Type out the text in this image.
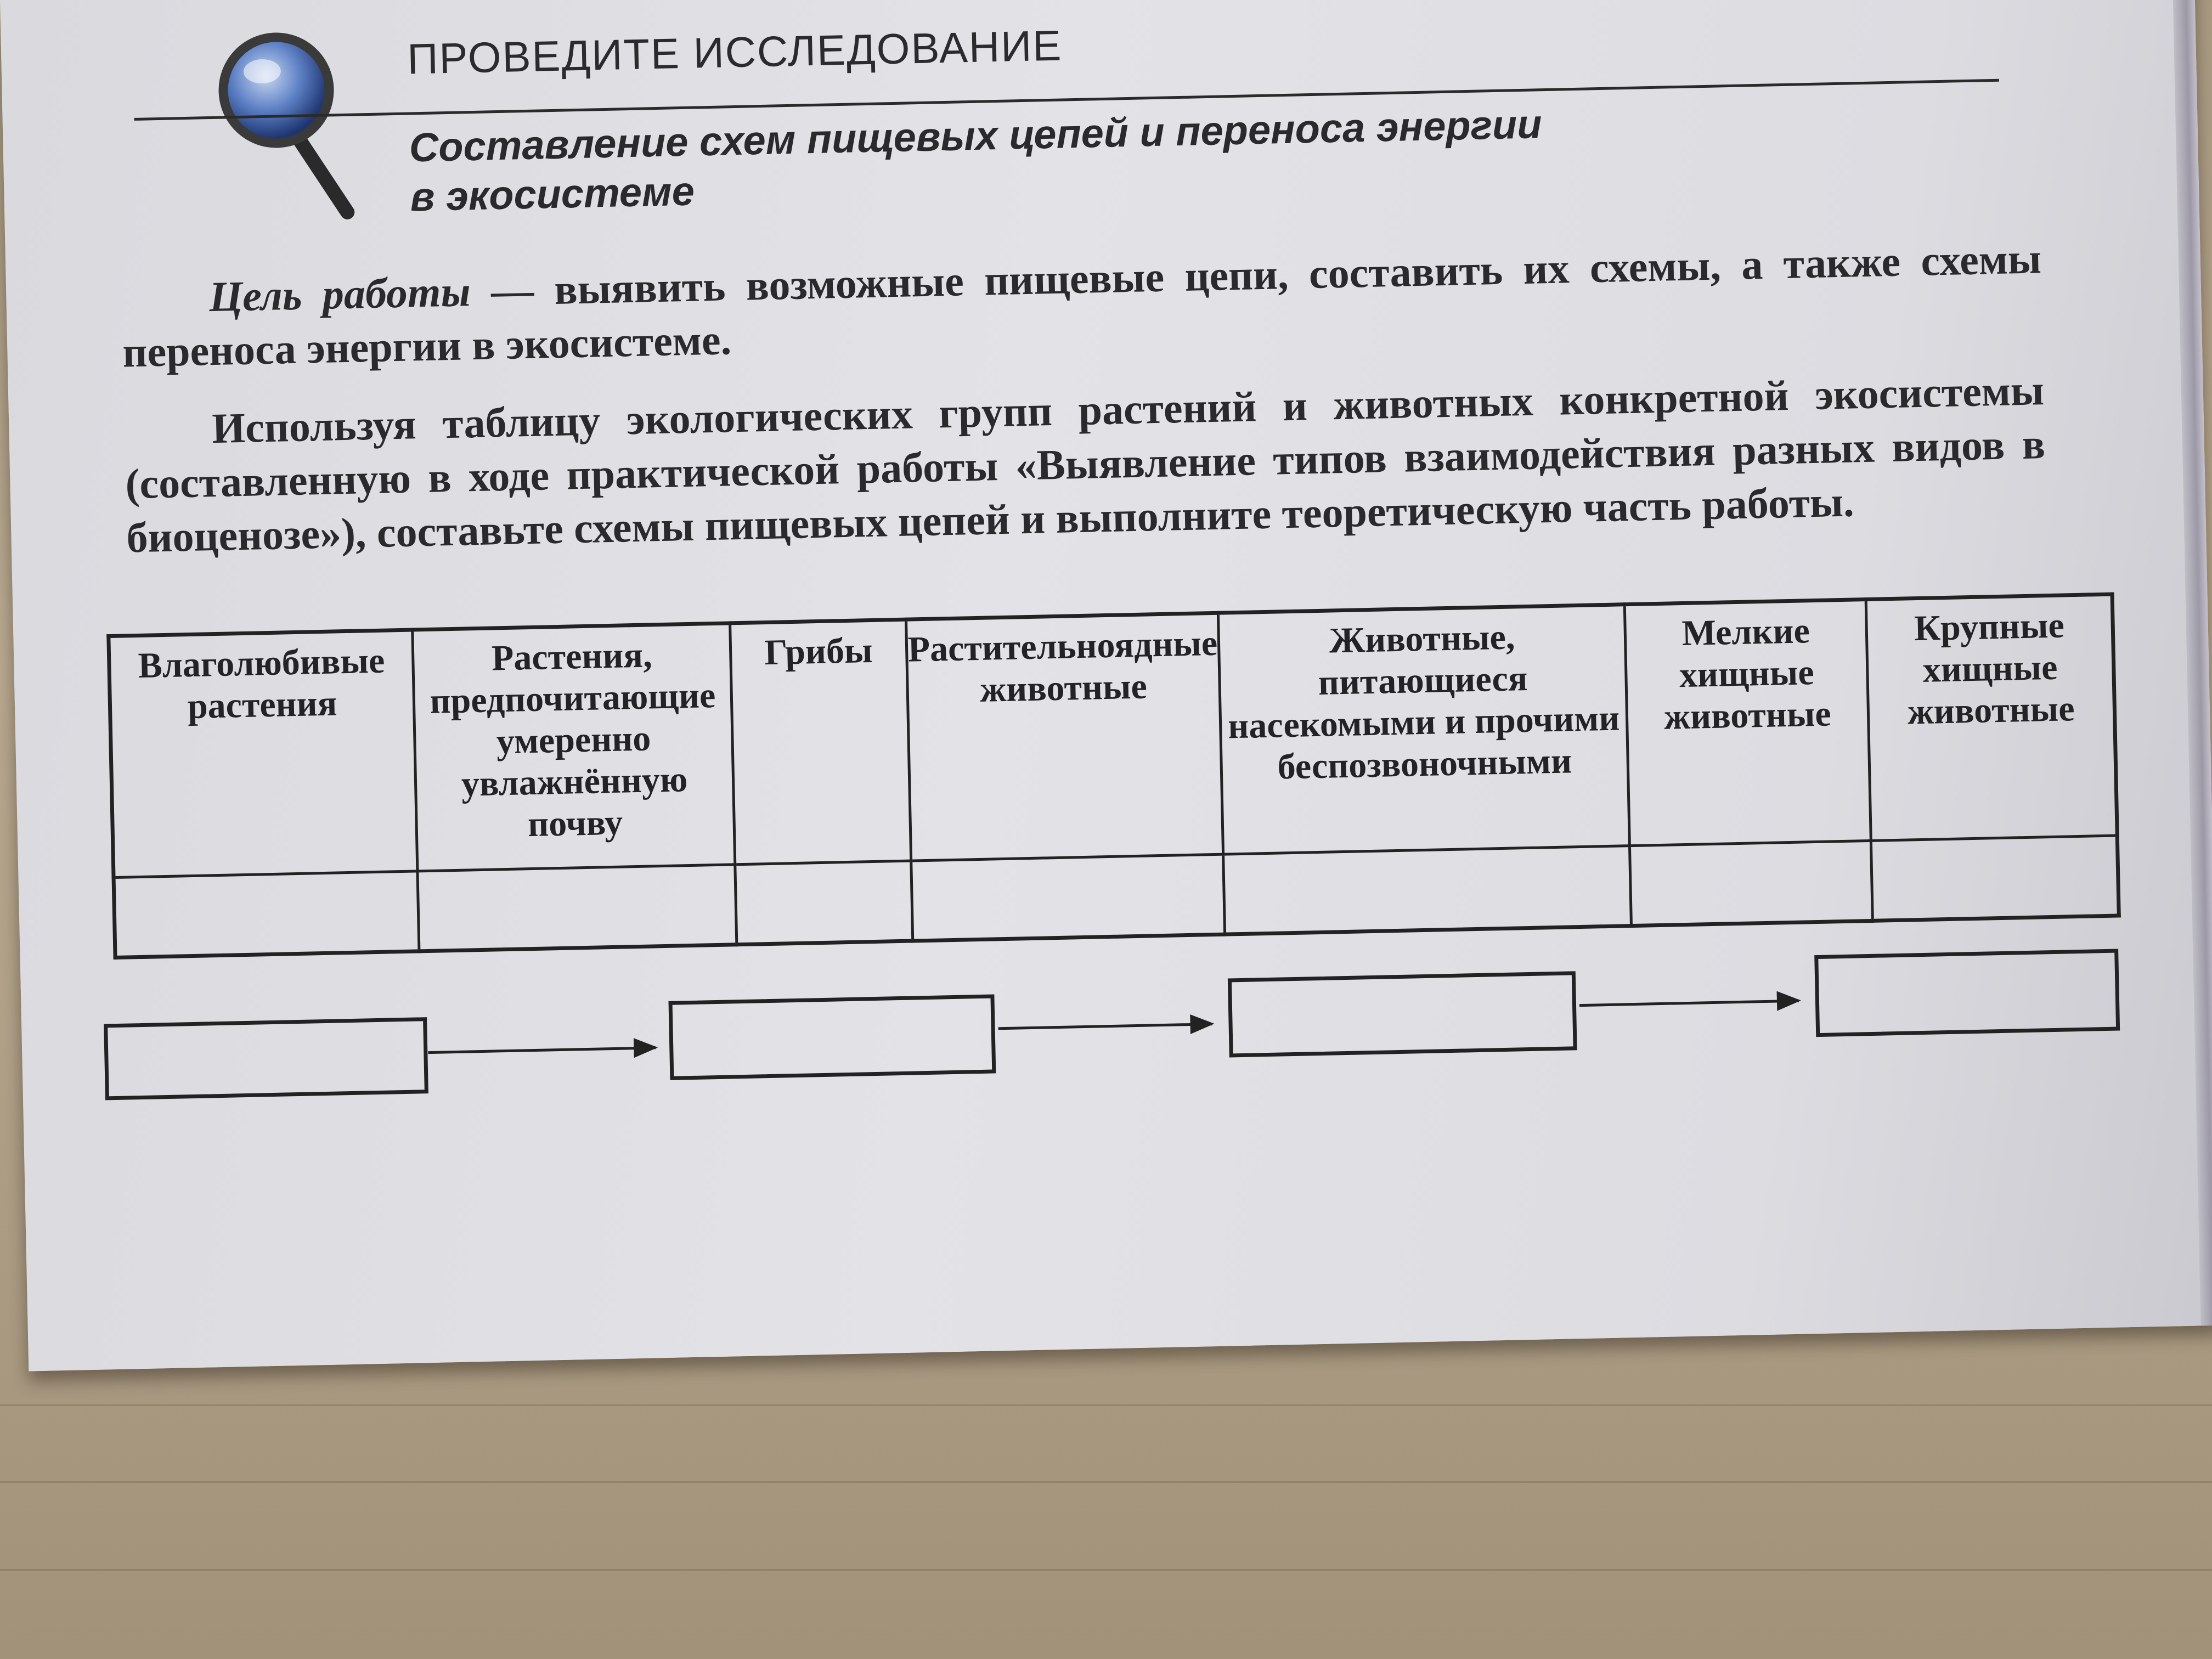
ПРОВЕДИТЕ ИССЛЕДОВАНИЕ
Составление схем пищевых цепей и переноса энергии
в экосистеме
Цель работы — выявить возможные пищевые цепи, составить их схемы, а также схемы переноса энергии в экосистеме.
Используя таблицу экологических групп растений и животных конкретной экосистемы (составленную в ходе практической работы «Выявление типов взаимодействия разных видов в биоценозе»), составьте схемы пищевых цепей и выполните теоретическую часть работы.
Влаголюбивые растения	Растения, предпочитающие умеренно увлажнённую почву	Грибы	Растительноядные животные	Животные, питающиеся насекомыми и прочими беспозвоночными	Мелкие хищные животные	Крупные хищные животные
